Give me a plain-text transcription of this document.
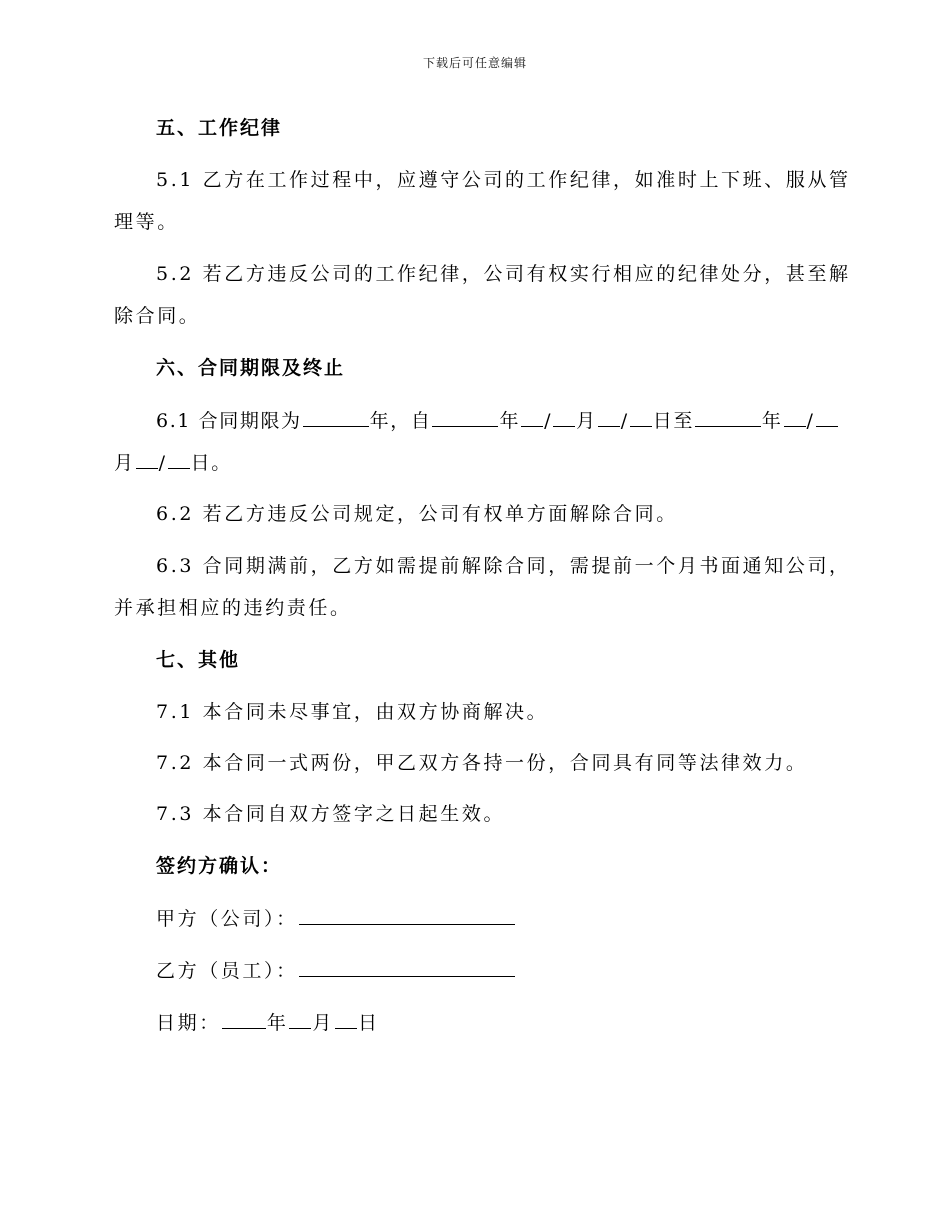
下载后可任意编辑
五、工作纪律
5.1 乙方在工作过程中，应遵守公司的工作纪律，如准时上下班、服从管
理等。
5.2 若乙方违反公司的工作纪律，公司有权实行相应的纪律处分，甚至解
除合同。
六、合同期限及终止
6.1 合同期限为	年，自	年 / 月 / 日至	年 /
月 / 日。
6.2 若乙方违反公司规定，公司有权单方面解除合同。
6.3 合同期满前，乙方如需提前解除合同，需提前一个月书面通知公司，
并承担相应的违约责任。
七、其他
7.1 本合同未尽事宜，由双方协商解决。
7.2 本合同一式两份，甲乙双方各持一份，合同具有同等法律效力。
7.3 本合同自双方签字之日起生效。
签约方确认：
甲方（公司）：
乙方（员工）：
日期： 年 月 日
